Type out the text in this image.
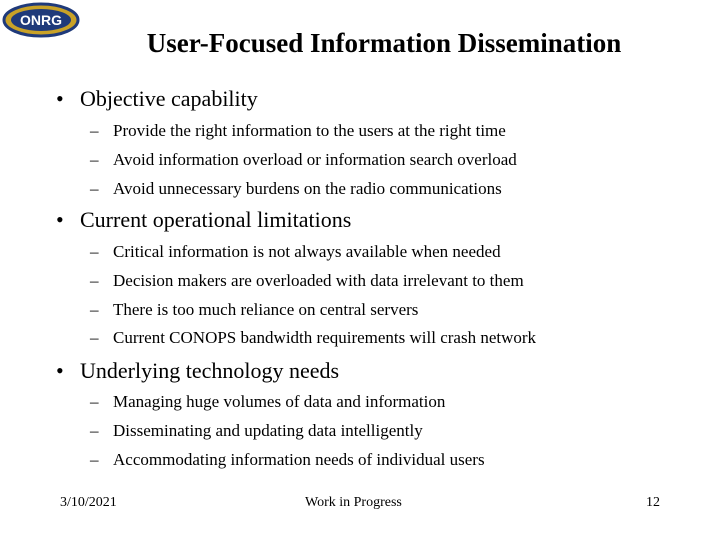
ONRG
User-Focused Information Dissemination
• Objective capability
– Provide the right information to the users at the right time
– Avoid information overload or information search overload
– Avoid unnecessary burdens on the radio communications
• Current operational limitations
– Critical information is not always available when needed
– Decision makers are overloaded with data irrelevant to them
– There is too much reliance on central servers
– Current CONOPS bandwidth requirements will crash network
• Underlying technology needs
– Managing huge volumes of data and information
– Disseminating and updating data intelligently
– Accommodating information needs of individual users
3/10/2021	Work in Progress	12
